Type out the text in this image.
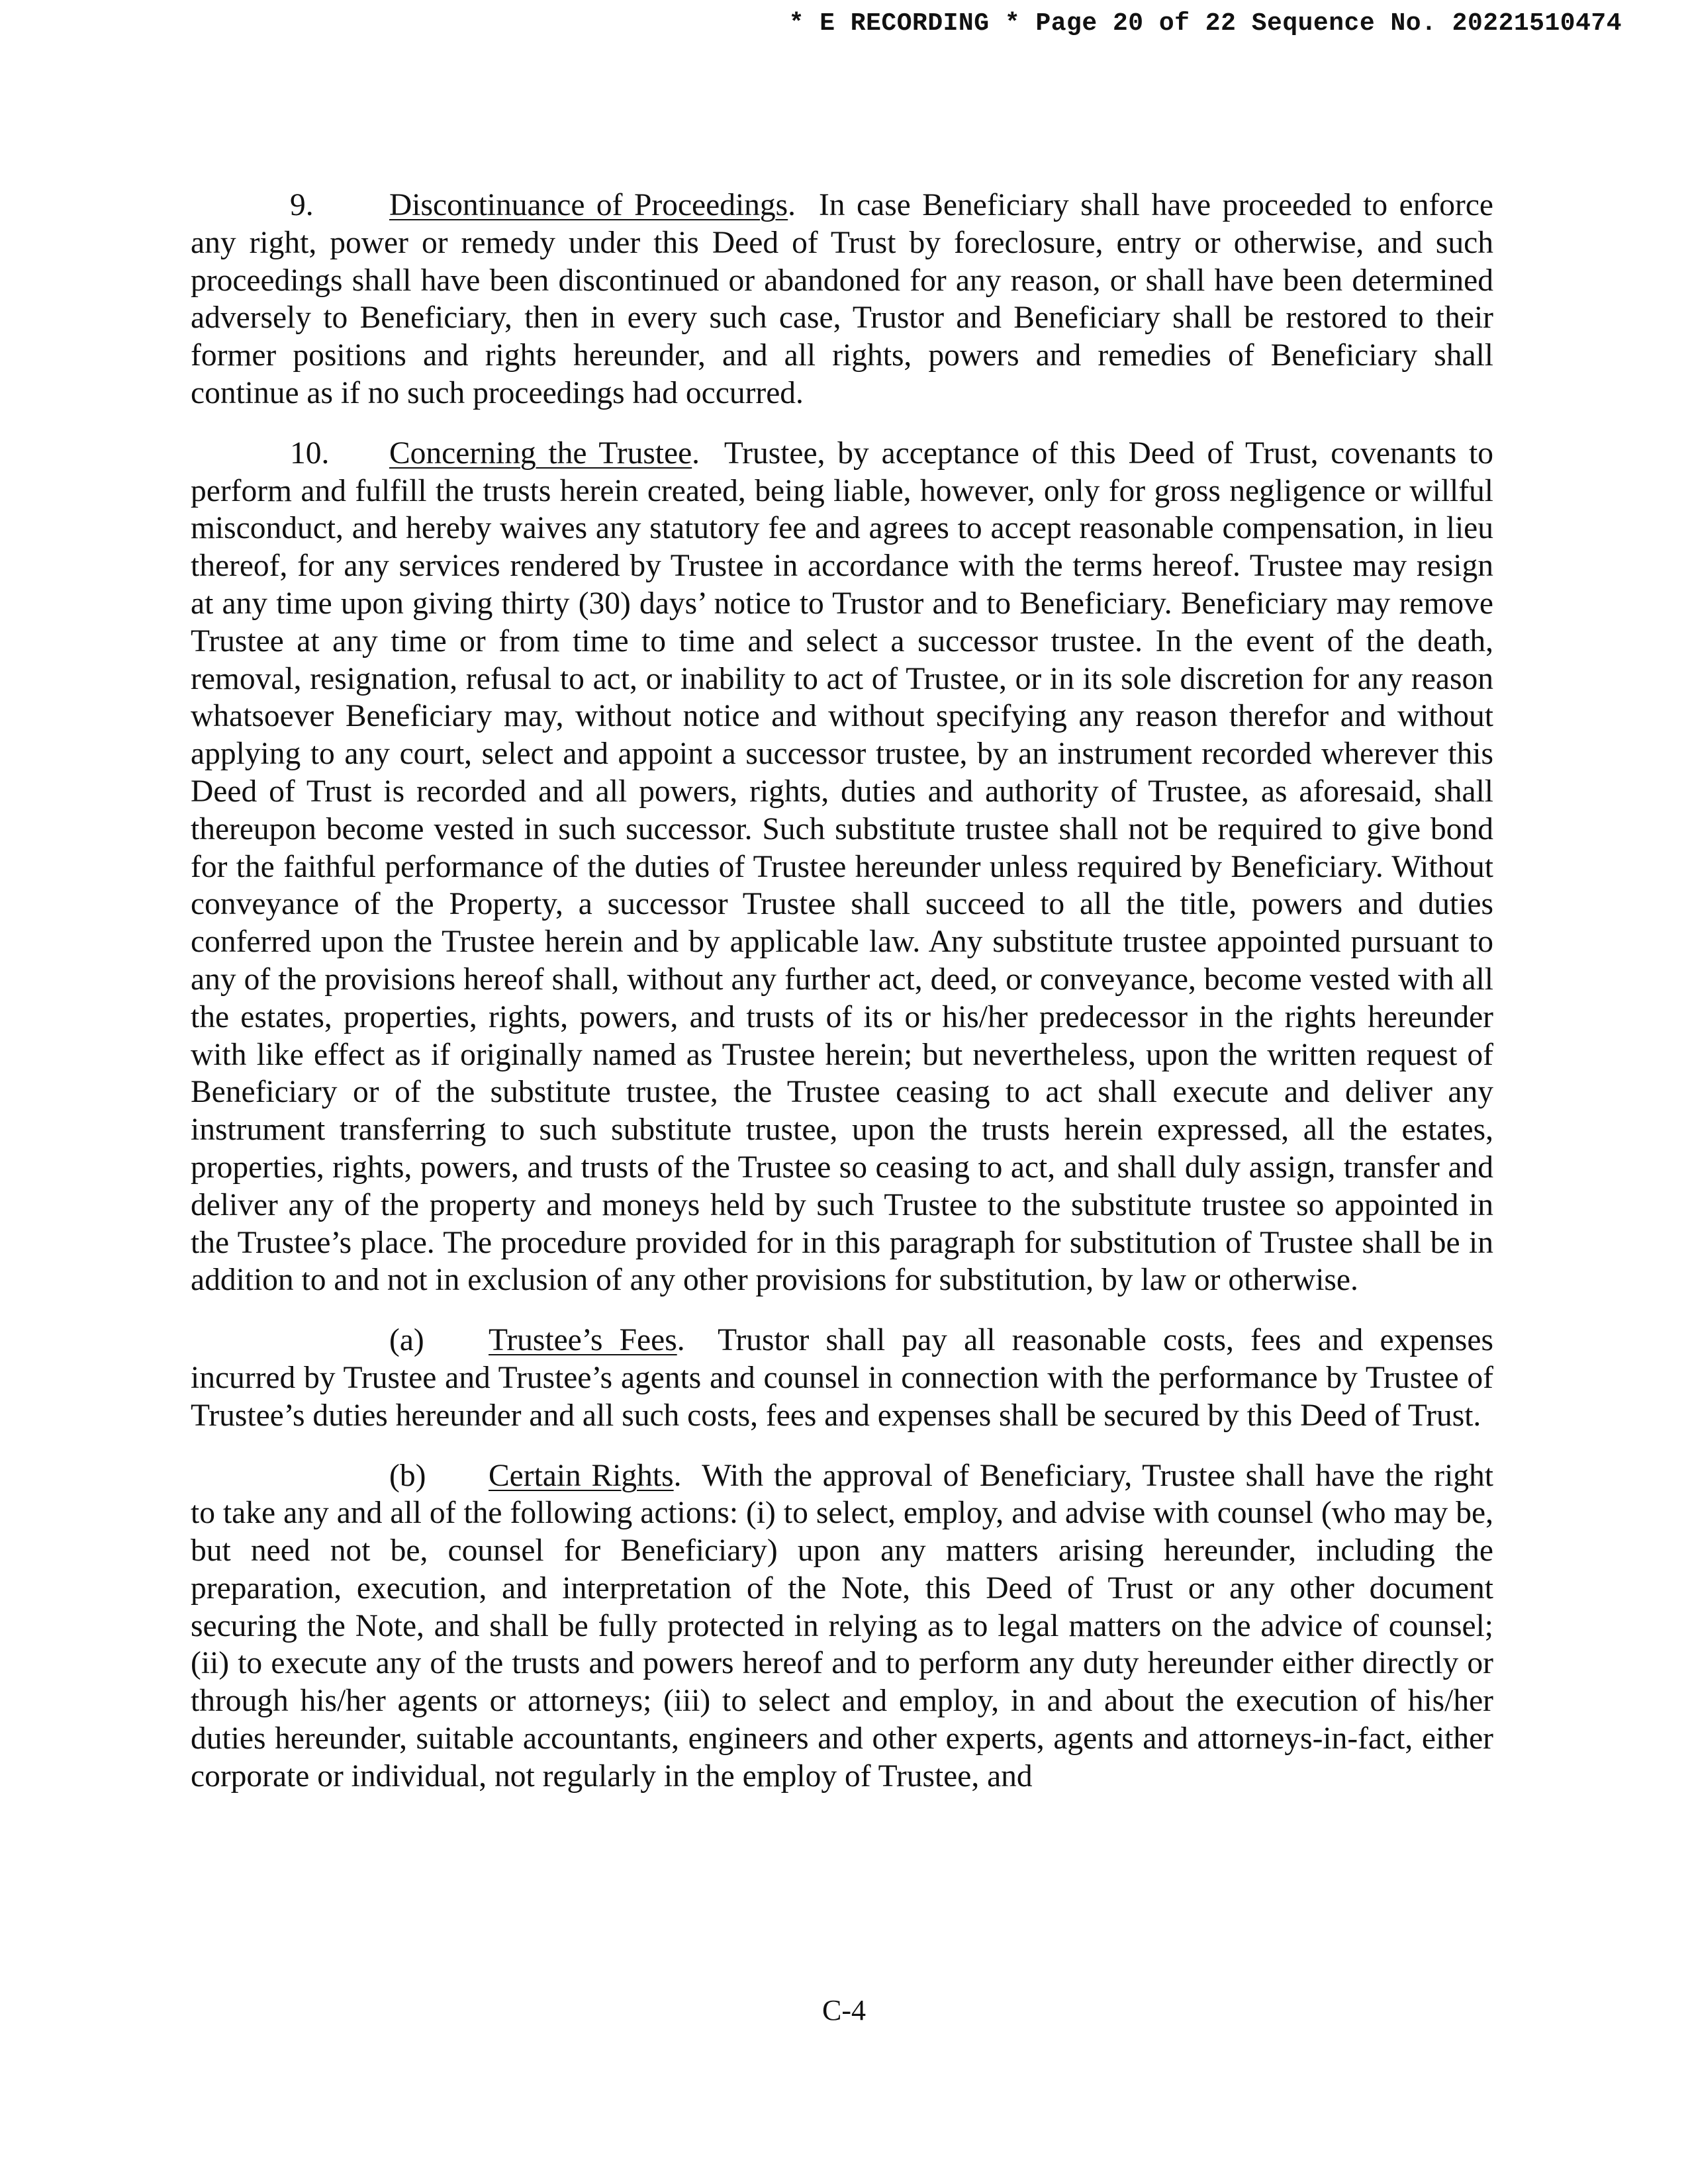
* E RECORDING * Page 20 of 22 Sequence No. 20221510474

9. Discontinuance of Proceedings.  In case Beneficiary shall have proceeded to enforce any right, power or remedy under this Deed of Trust by foreclosure, entry or otherwise, and such proceedings shall have been discontinued or abandoned for any reason, or shall have been determined adversely to Beneficiary, then in every such case, Trustor and Beneficiary shall be restored to their former positions and rights hereunder, and all rights, powers and remedies of Beneficiary shall continue as if no such proceedings had occurred.

10. Concerning the Trustee.  Trustee, by acceptance of this Deed of Trust, covenants to perform and fulfill the trusts herein created, being liable, however, only for gross negligence or willful misconduct, and hereby waives any statutory fee and agrees to accept reasonable compensation, in lieu thereof, for any services rendered by Trustee in accordance with the terms hereof. Trustee may resign at any time upon giving thirty (30) days’ notice to Trustor and to Beneficiary. Beneficiary may remove Trustee at any time or from time to time and select a successor trustee. In the event of the death, removal, resignation, refusal to act, or inability to act of Trustee, or in its sole discretion for any reason whatsoever Beneficiary may, without notice and without specifying any reason therefor and without applying to any court, select and appoint a successor trustee, by an instrument recorded wherever this Deed of Trust is recorded and all powers, rights, duties and authority of Trustee, as aforesaid, shall thereupon become vested in such successor. Such substitute trustee shall not be required to give bond for the faithful performance of the duties of Trustee hereunder unless required by Beneficiary. Without conveyance of the Property, a successor Trustee shall succeed to all the title, powers and duties conferred upon the Trustee herein and by applicable law. Any substitute trustee appointed pursuant to any of the provisions hereof shall, without any further act, deed, or conveyance, become vested with all the estates, properties, rights, powers, and trusts of its or his/her predecessor in the rights hereunder with like effect as if originally named as Trustee herein; but nevertheless, upon the written request of Beneficiary or of the substitute trustee, the Trustee ceasing to act shall execute and deliver any instrument transferring to such substitute trustee, upon the trusts herein expressed, all the estates, properties, rights, powers, and trusts of the Trustee so ceasing to act, and shall duly assign, transfer and deliver any of the property and moneys held by such Trustee to the substitute trustee so appointed in the Trustee’s place. The procedure provided for in this paragraph for substitution of Trustee shall be in addition to and not in exclusion of any other provisions for substitution, by law or otherwise.

(a) Trustee’s Fees.  Trustor shall pay all reasonable costs, fees and expenses incurred by Trustee and Trustee’s agents and counsel in connection with the performance by Trustee of Trustee’s duties hereunder and all such costs, fees and expenses shall be secured by this Deed of Trust.

(b) Certain Rights.  With the approval of Beneficiary, Trustee shall have the right to take any and all of the following actions: (i) to select, employ, and advise with counsel (who may be, but need not be, counsel for Beneficiary) upon any matters arising hereunder, including the preparation, execution, and interpretation of the Note, this Deed of Trust or any other document securing the Note, and shall be fully protected in relying as to legal matters on the advice of counsel; (ii) to execute any of the trusts and powers hereof and to perform any duty hereunder either directly or through his/her agents or attorneys; (iii) to select and employ, in and about the execution of his/her duties hereunder, suitable accountants, engineers and other experts, agents and attorneys-in-fact, either corporate or individual, not regularly in the employ of Trustee, and

C-4
